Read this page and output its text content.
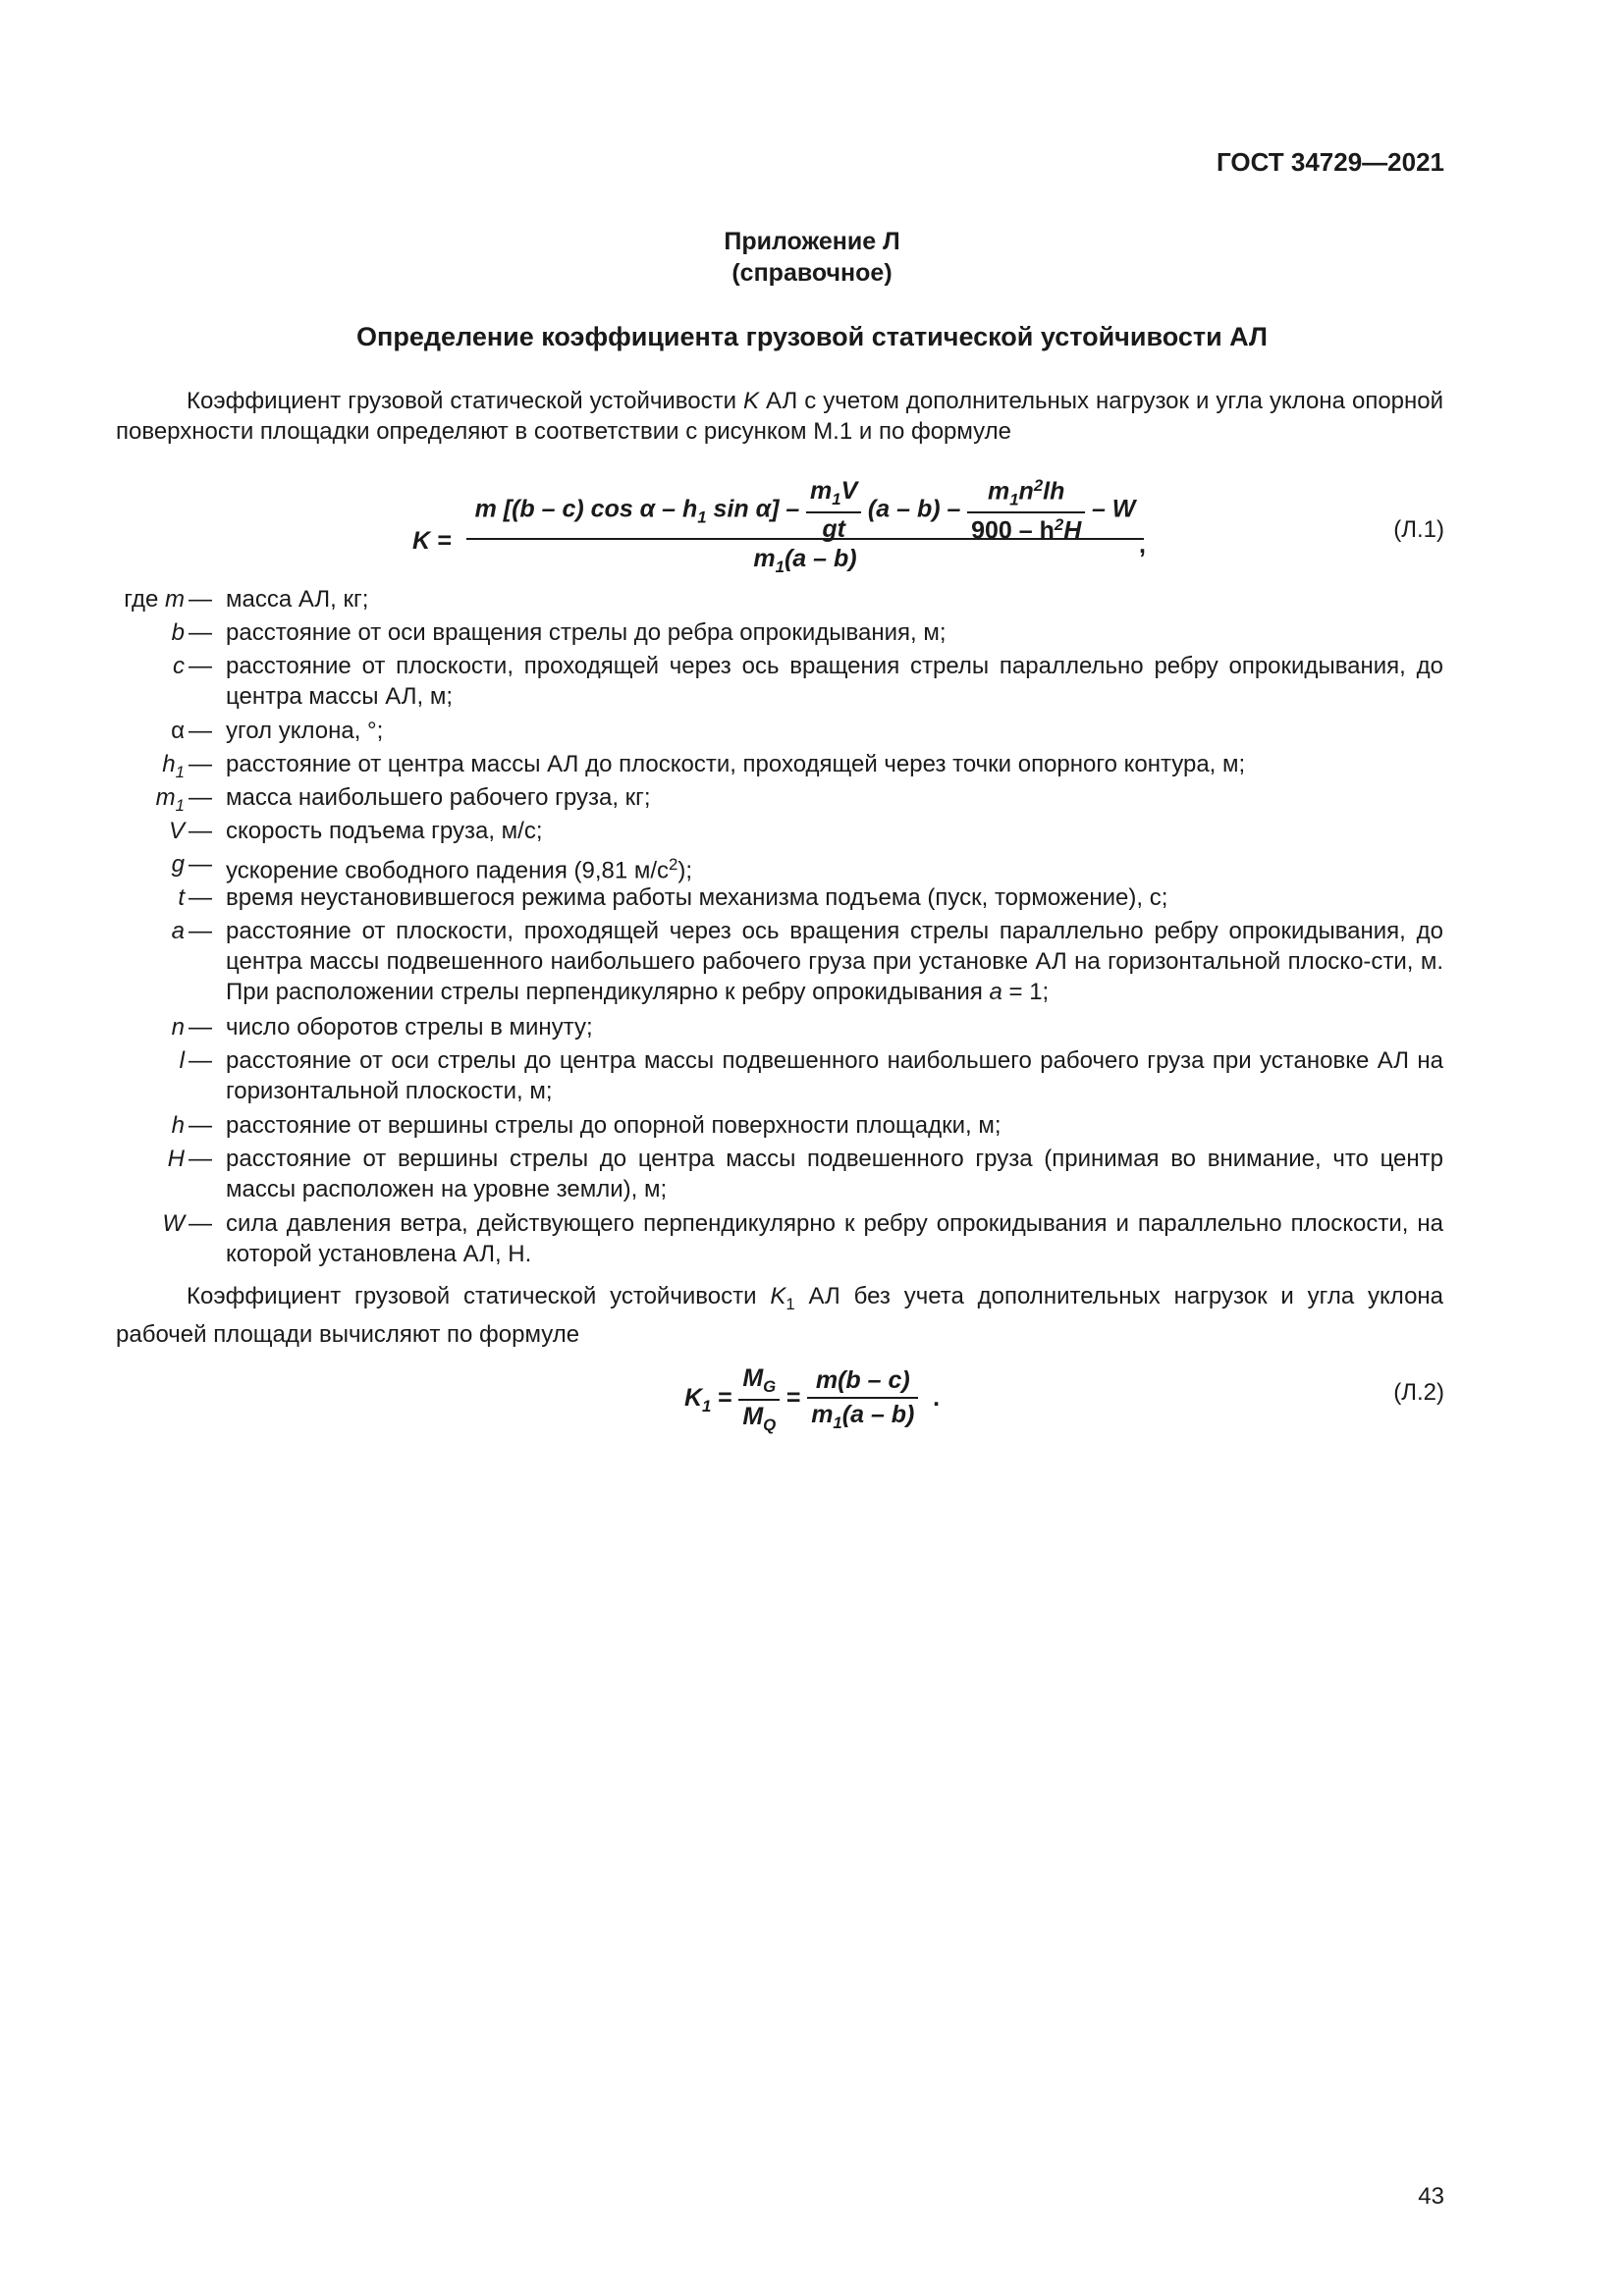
ГОСТ 34729—2021
Приложение Л
(справочное)
Определение коэффициента грузовой статической устойчивости АЛ
Коэффициент грузовой статической устойчивости K АЛ с учетом дополнительных нагрузок и угла уклона опорной поверхности площадки определяют в соответствии с рисунком М.1 и по формуле
K =
m [(b – c) cos α – $h_1$ $\sin \alpha] - \frac{m_1V}{gt} (a - b) - \frac{m_1n^2lh}{900 - h^2H}$ – W
$m_1(a - b)$	,
(Л.1)
где m — масса АЛ, кг;
b — расстояние от оси вращения стрелы до ребра опрокидывания, м;
c — расстояние от плоскости, проходящей через ось вращения стрелы параллельно ребру опрокидывания, до центра массы АЛ, м;
α — угол уклона, °;
$h_1$ — расстояние от центра массы АЛ до плоскости, проходящей через точки опорного контура, м;
$m_1$ — масса наибольшего рабочего груза, кг;
V — скорость подъема груза, м/с;
g — ускорение свободного падения (9,81 $м/с^2$);
t — время неустановившегося режима работы механизма подъема (пуск, торможение), с;
a — расстояние от плоскости, проходящей через ось вращения стрелы параллельно ребру опрокидывания, до центра массы подвешенного наибольшего рабочего груза при установке АЛ на горизонтальной плоско-сти, м. При расположении стрелы перпендикулярно к ребру опрокидывания a = 1;
n — число оборотов стрелы в минуту;
l — расстояние от оси стрелы до центра массы подвешенного наибольшего рабочего груза при установке АЛ на горизонтальной плоскости, м;
h — расстояние от вершины стрелы до опорной поверхности площадки, м;
H — расстояние от вершины стрелы до центра массы подвешенного груза (принимая во внимание, что центр массы расположен на уровне земли), м;
W — сила давления ветра, действующего перпендикулярно к ребру опрокидывания и параллельно плоскости, на которой установлена АЛ, Н.
Коэффициент грузовой статической устойчивости $K_1$ АЛ без учета дополнительных нагрузок и угла уклона рабочей площади вычисляют по формуле
$K_1 = \frac{M_G}{M_Q} = \frac{m(b - c)}{m_1(a - b)}$ .	(Л.2)
43
